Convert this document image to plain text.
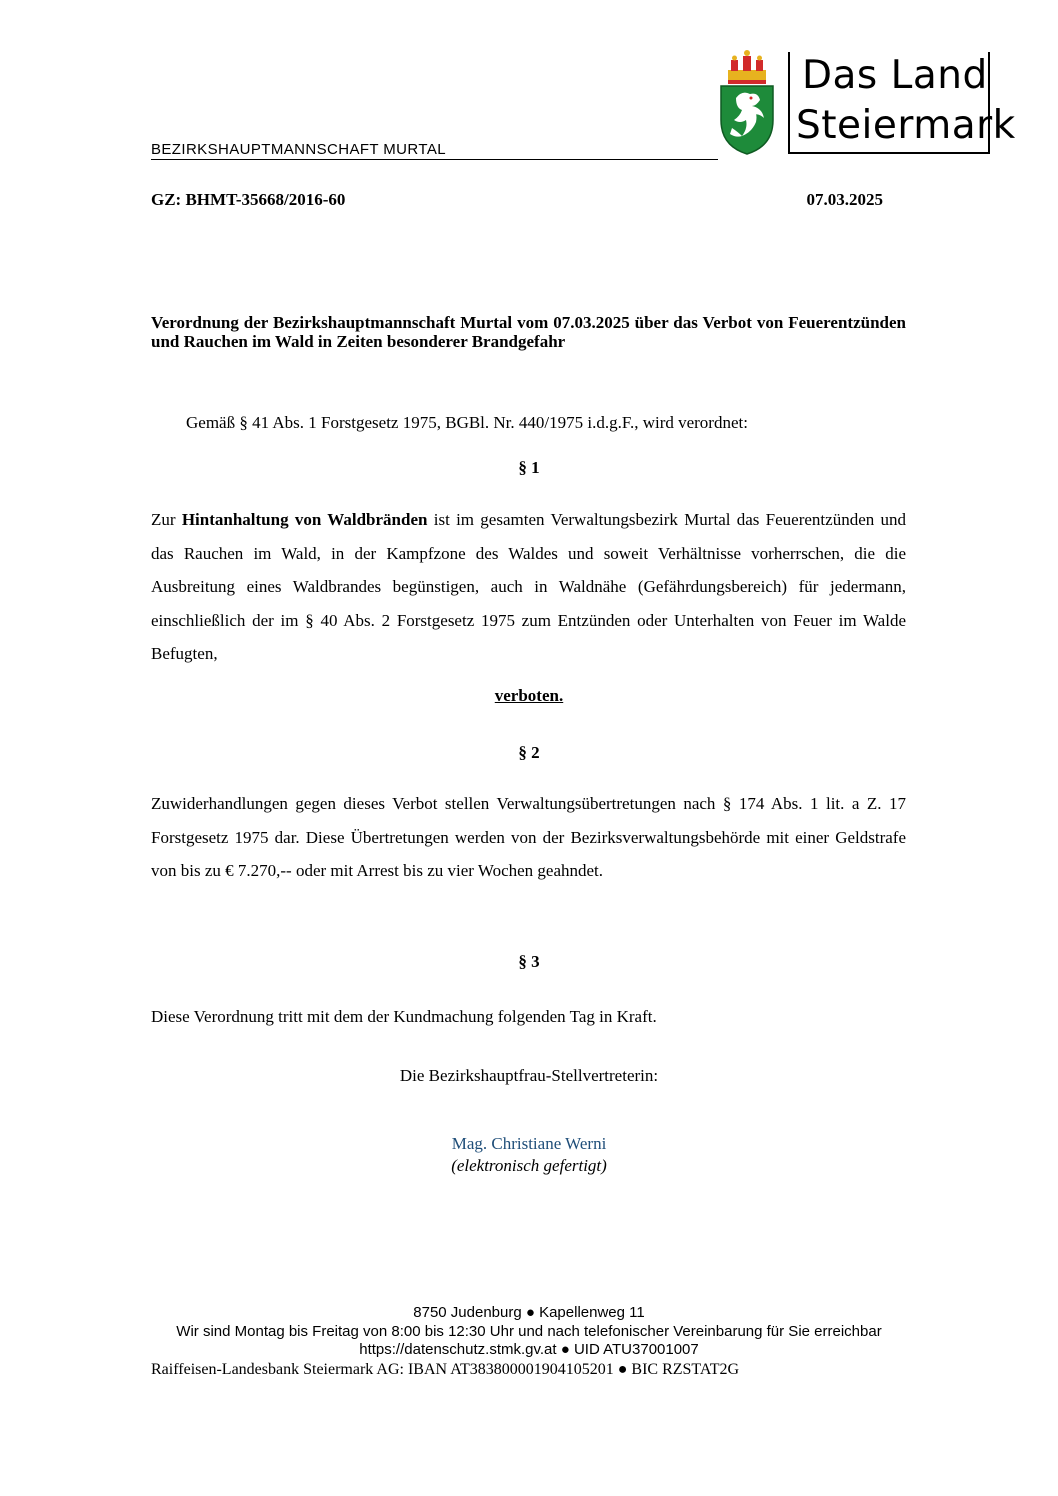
BEZIRKSHAUPTMANNSCHAFT MURTAL
Das Land
Steiermark
GZ: BHMT-35668/2016-60	07.03.2025
Verordnung der Bezirkshauptmannschaft Murtal vom 07.03.2025 über das Verbot von Feuerentzünden und Rauchen im Wald in Zeiten besonderer Brandgefahr
Gemäß § 41 Abs. 1 Forstgesetz 1975, BGBl. Nr. 440/1975 i.d.g.F., wird verordnet:
§ 1
Zur Hintanhaltung von Waldbränden ist im gesamten Verwaltungsbezirk Murtal das Feuerentzünden und das Rauchen im Wald, in der Kampfzone des Waldes und soweit Verhältnisse vorherrschen, die die Ausbreitung eines Waldbrandes begünstigen, auch in Waldnähe (Gefährdungsbereich) für jedermann, einschließlich der im § 40 Abs. 2 Forstgesetz 1975 zum Entzünden oder Unterhalten von Feuer im Walde Befugten,
verboten.
§ 2
Zuwiderhandlungen gegen dieses Verbot stellen Verwaltungsübertretungen nach § 174 Abs. 1 lit. a Z. 17 Forstgesetz 1975 dar. Diese Übertretungen werden von der Bezirksverwaltungsbehörde mit einer Geldstrafe von bis zu € 7.270,-- oder mit Arrest bis zu vier Wochen geahndet.
§ 3
Diese Verordnung tritt mit dem der Kundmachung folgenden Tag in Kraft.
Die Bezirkshauptfrau-Stellvertreterin:
Mag. Christiane Werni
(elektronisch gefertigt)
8750 Judenburg ● Kapellenweg 11
Wir sind Montag bis Freitag von 8:00 bis 12:30 Uhr und nach telefonischer Vereinbarung für Sie erreichbar
https://datenschutz.stmk.gv.at ● UID ATU37001007
Raiffeisen-Landesbank Steiermark AG: IBAN AT383800001904105201 ● BIC RZSTAT2G
